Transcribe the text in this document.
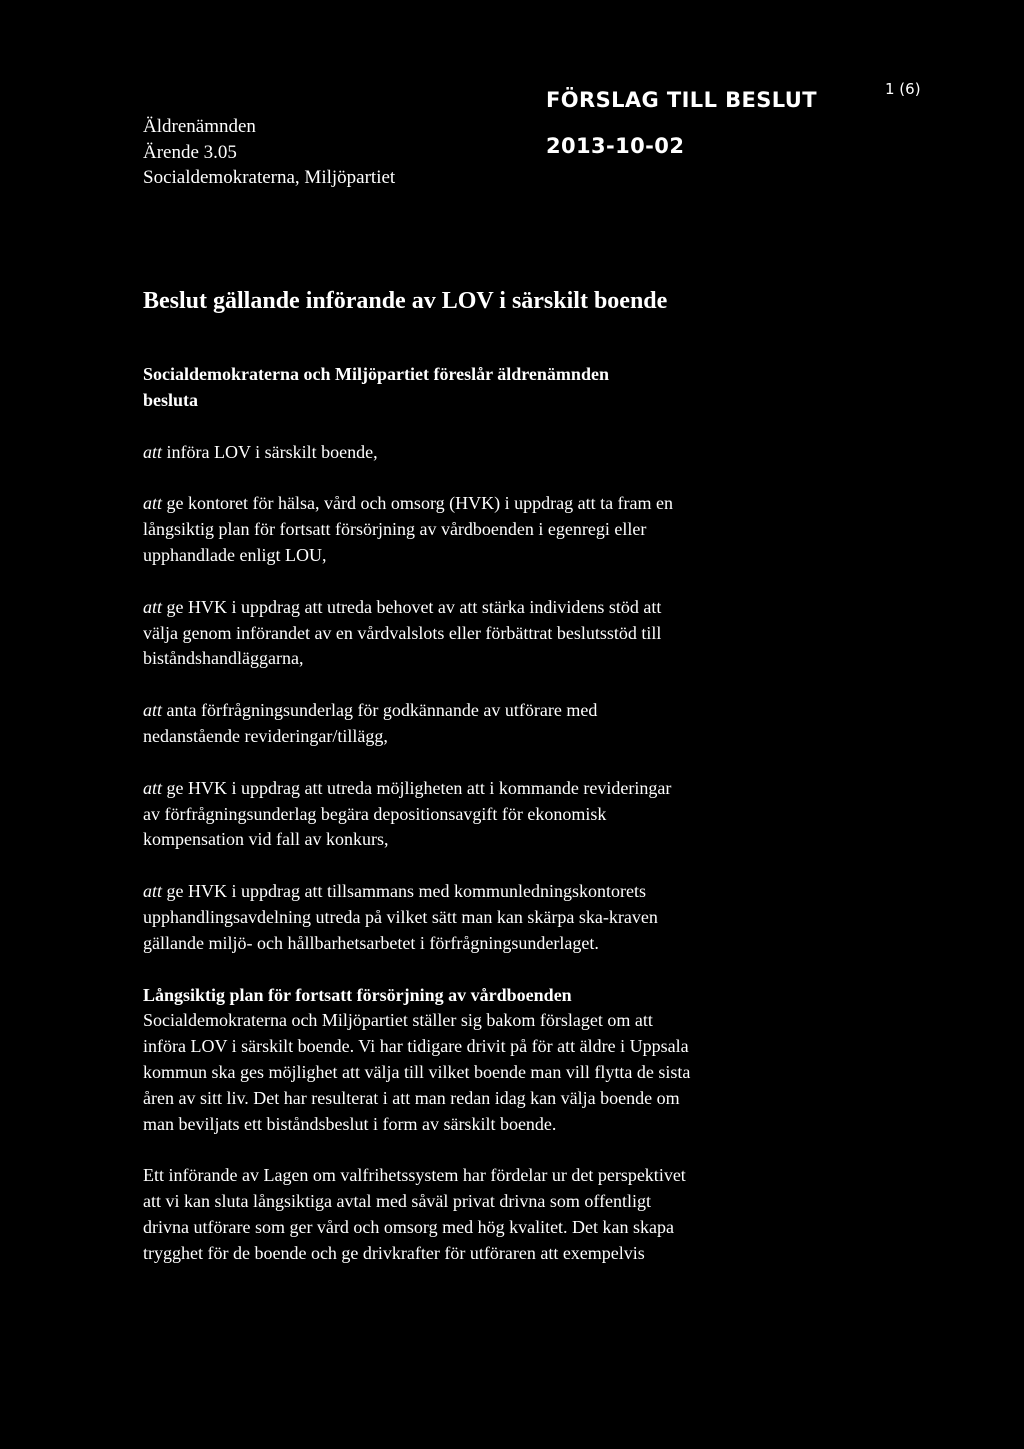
Äldrenämnden
Ärende 3.05
Socialdemokraterna, Miljöpartiet
FÖRSLAG TILL BESLUT
2013-10-02
1 (6)
Beslut gällande införande av LOV i särskilt boende

Socialdemokraterna och Miljöpartiet föreslår äldrenämnden
besluta

att införa LOV i särskilt boende,

att ge kontoret för hälsa, vård och omsorg (HVK) i uppdrag att ta fram en
långsiktig plan för fortsatt försörjning av vårdboenden i egenregi eller
upphandlade enligt LOU,

att ge HVK i uppdrag att utreda behovet av att stärka individens stöd att
välja genom införandet av en vårdvalslots eller förbättrat beslutsstöd till
biståndshandläggarna,

att anta förfrågningsunderlag för godkännande av utförare med
nedanstående revideringar/tillägg,

att ge HVK i uppdrag att utreda möjligheten att i kommande revideringar
av förfrågningsunderlag begära depositionsavgift för ekonomisk
kompensation vid fall av konkurs,

att ge HVK i uppdrag att tillsammans med kommunledningskontorets
upphandlingsavdelning utreda på vilket sätt man kan skärpa ska-kraven
gällande miljö- och hållbarhetsarbetet i förfrågningsunderlaget.

Långsiktig plan för fortsatt försörjning av vårdboenden

Socialdemokraterna och Miljöpartiet ställer sig bakom förslaget om att
införa LOV i särskilt boende. Vi har tidigare drivit på för att äldre i Uppsala
kommun ska ges möjlighet att välja till vilket boende man vill flytta de sista
åren av sitt liv. Det har resulterat i att man redan idag kan välja boende om
man beviljats ett biståndsbeslut i form av särskilt boende.

Ett införande av Lagen om valfrihetssystem har fördelar ur det perspektivet
att vi kan sluta långsiktiga avtal med såväl privat drivna som offentligt
drivna utförare som ger vård och omsorg med hög kvalitet. Det kan skapa
trygghet för de boende och ge drivkrafter för utföraren att exempelvis
